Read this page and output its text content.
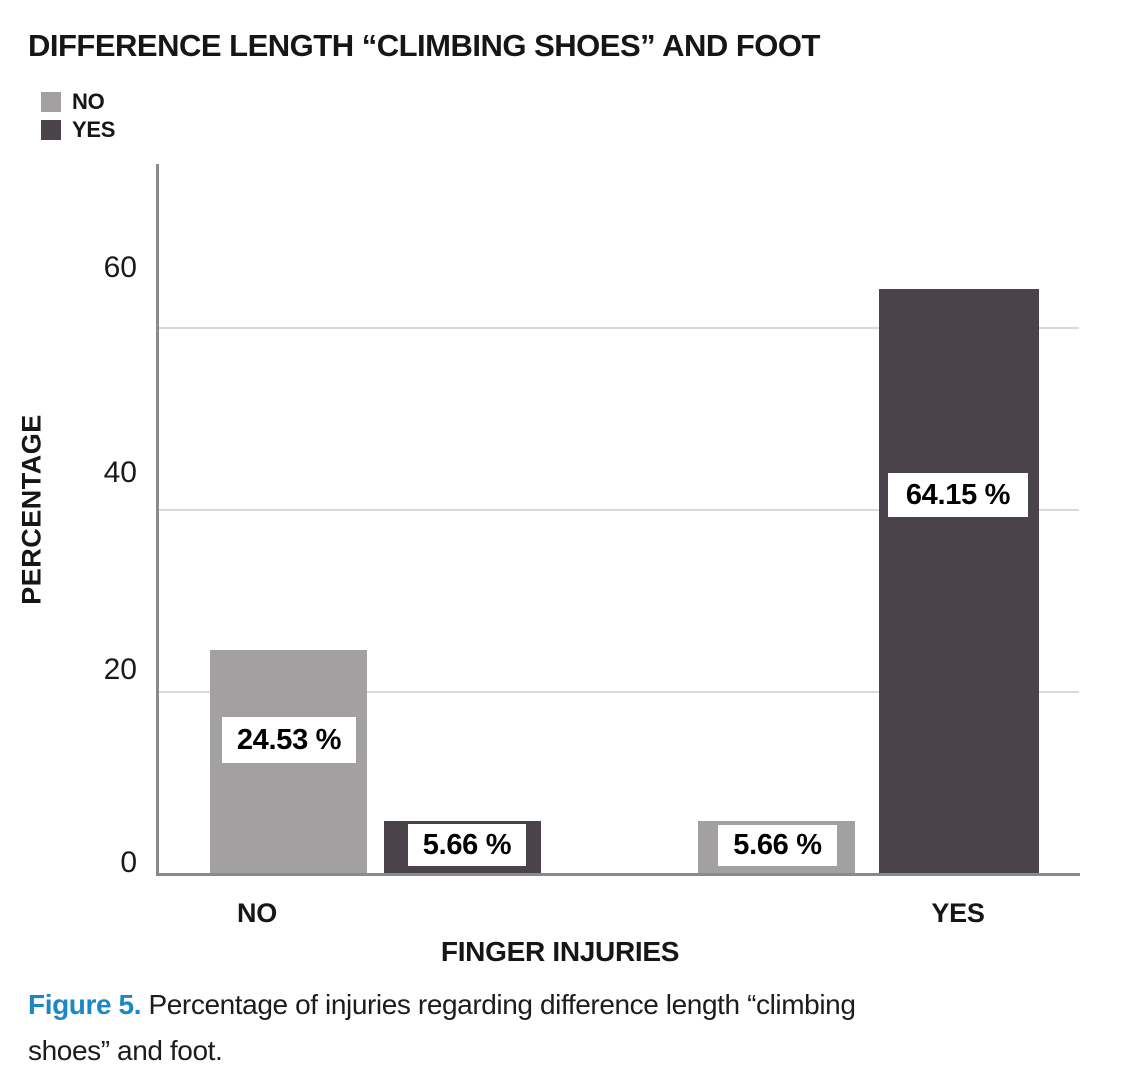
DIFFERENCE LENGTH “CLIMBING SHOES” AND FOOT
NO
YES
0
20
40
60
24.53 %
5.66 %	5.66 %
64.15 %
PERCENTAGE
NO	YES
FINGER INJURIES
Figure 5. Percentage of injuries regarding difference length “climbing
shoes” and foot.
